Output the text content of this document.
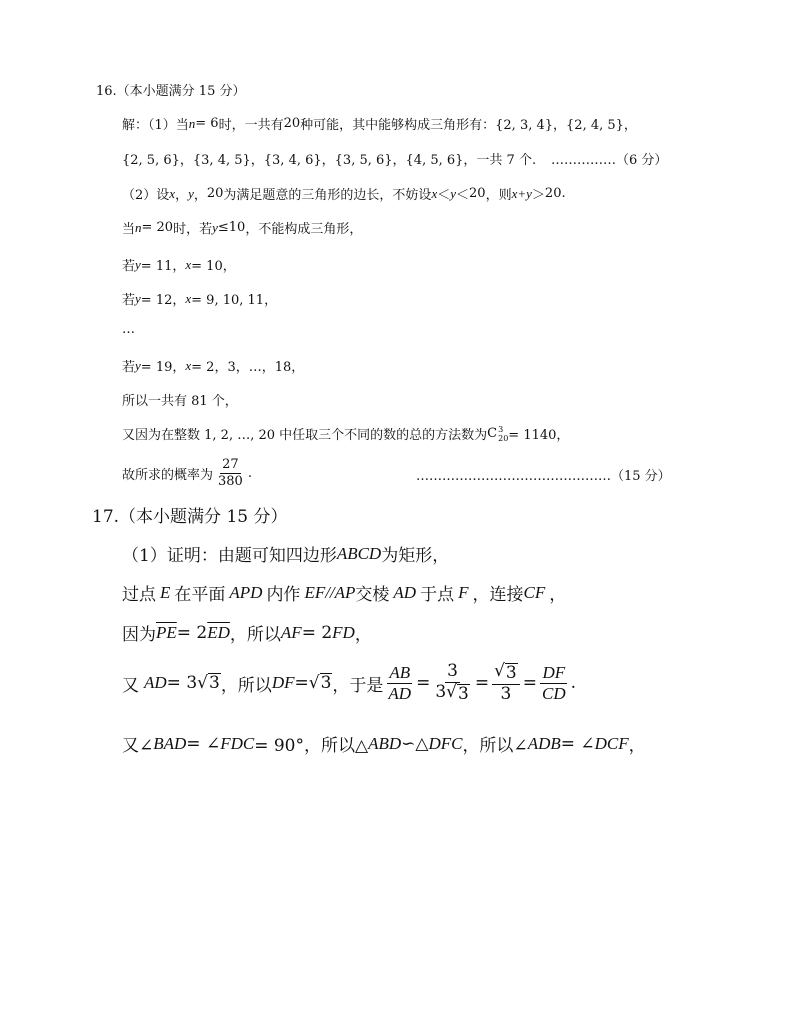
16.（本小题满分 15 分）
解：（1）当 n = 6 时，一共有 20 种可能，其中能够构成三角形有：{2, 3, 4}，{2, 4, 5}，
{2, 5, 6}，{3, 4, 5}，{3, 4, 6}，{3, 5, 6}，{4, 5, 6}，一共 7 个. ……………（6 分）
（2）设 x ， y ， 20 为满足题意的三角形的边长，不妨设 x ＜ y ＜ 20 ，则 x+y ＞ 20 .
当 n = 20 时，若 y ≤10 ，不能构成三角形，
若 y = 11， x = 10，
若 y = 12， x = 9, 10, 11，
…
若 y = 19， x = 2，3，…，18，
所以一共有 81 个，
又因为在整数 1, 2, …, 20 中任取三个不同的数的总的方法数为 C 3
20 = 1140，
故所求的概率为 $\frac{27}{380}$ .	………………………………………（15 分）
17.（本小题满分 15 分）
（1）证明：由题可知四边形 ABCD 为矩形，
过点 E 在平面 APD 内作 EF//AP 交棱 AD 于点 F ，连接 CF ，
因为 $\overline{PE} = 2$ $\overline{ED}$ ，所以 AF = 2 FD ，
又 AD = 3 √ 3 ，所以 DF = √ 3 ，于是 $\frac{AB}{AD} = \frac{3}{3√ 3} = \frac{√ 3}{3} = \frac{DF}{CD}$ .
又∠ BAD = ∠ FDC = 90°，所以△ ABD ∽△ DFC ，所以∠ ADB = ∠ DCF ，
